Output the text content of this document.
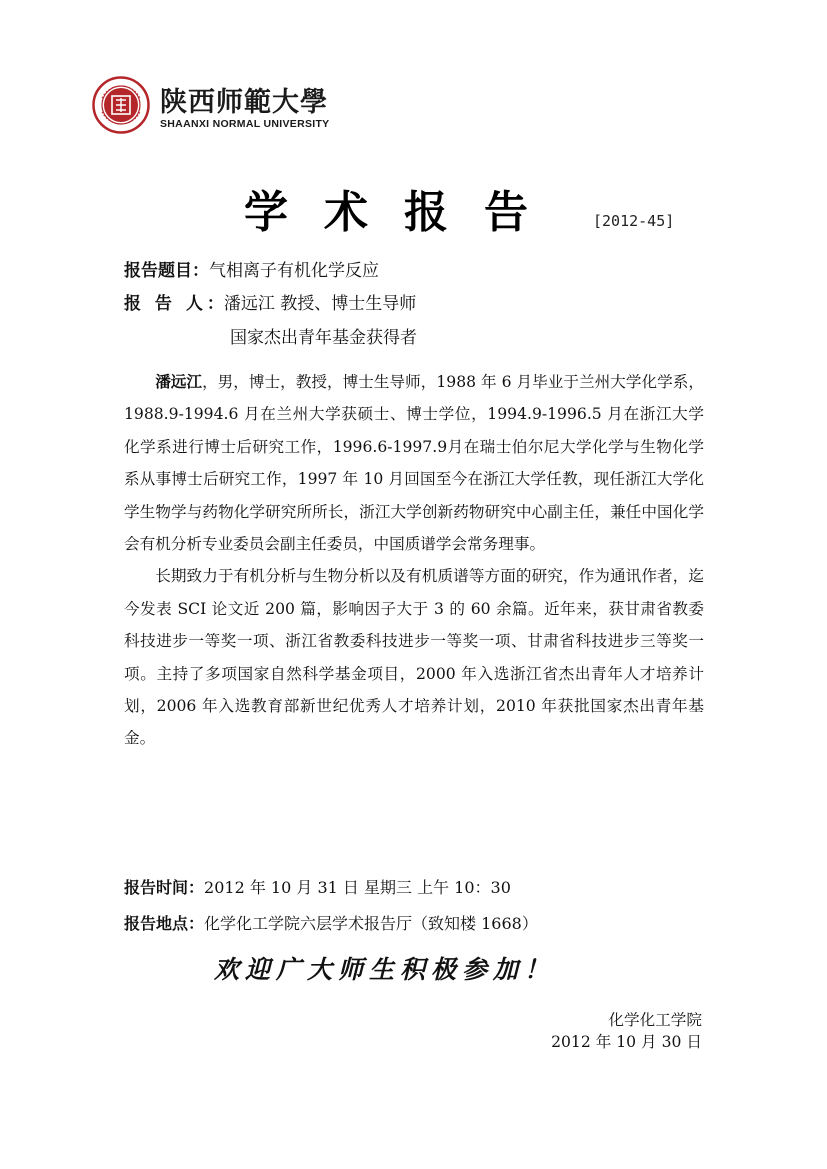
陕西师範大學
SHAANXI NORMAL UNIVERSITY
学术报告 [2012-45]
报告题目：气相离子有机化学反应
报 告 人：潘远江 教授、博士生导师
国家杰出青年基金获得者

潘远江，男，博士，教授，博士生导师，1988 年 6 月毕业于兰州大学化学系，1988.9-1994.6 月在兰州大学获硕士、博士学位，1994.9-1996.5 月在浙江大学化学系进行博士后研究工作，1996.6-1997.9月在瑞士伯尔尼大学化学与生物化学系从事博士后研究工作，1997 年 10 月回国至今在浙江大学任教，现任浙江大学化学生物学与药物化学研究所所长，浙江大学创新药物研究中心副主任，兼任中国化学会有机分析专业委员会副主任委员，中国质谱学会常务理事。

长期致力于有机分析与生物分析以及有机质谱等方面的研究，作为通讯作者，迄今发表 SCI 论文近 200 篇，影响因子大于 3 的 60 余篇。近年来，获甘肃省教委科技进步一等奖一项、浙江省教委科技进步一等奖一项、甘肃省科技进步三等奖一项。主持了多项国家自然科学基金项目，2000 年入选浙江省杰出青年人才培养计划，2006 年入选教育部新世纪优秀人才培养计划，2010 年获批国家杰出青年基金。

报告时间：2012 年 10 月 31 日 星期三 上午 10：30
报告地点：化学化工学院六层学术报告厅（致知楼 1668）
欢迎广大师生积极参加！
化学化工学院
2012 年 10 月 30 日
